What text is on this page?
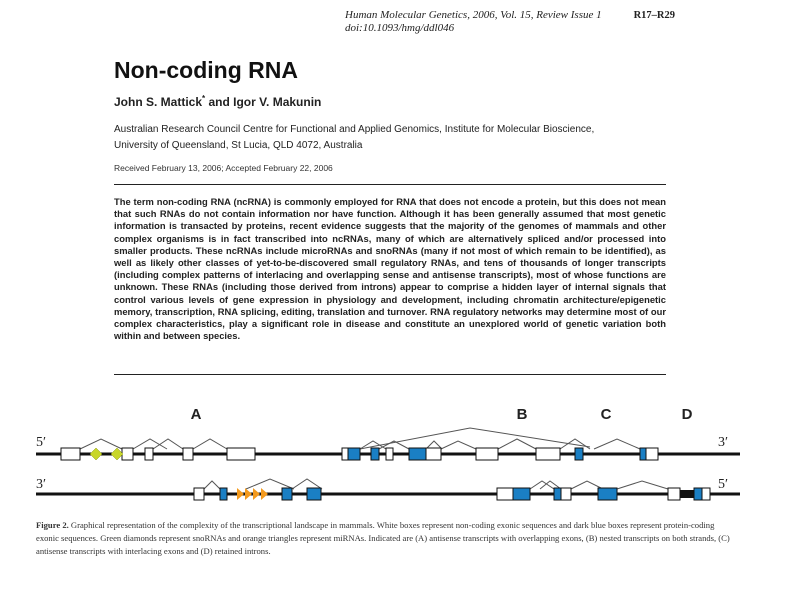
Human Molecular Genetics, 2006, Vol. 15, Review Issue 1	R17–R29
doi:10.1093/hmg/ddl046
Non-coding RNA
John S. Mattick* and Igor V. Makunin
Australian Research Council Centre for Functional and Applied Genomics, Institute for Molecular Bioscience,
University of Queensland, St Lucia, QLD 4072, Australia
Received February 13, 2006; Accepted February 22, 2006
The term non-coding RNA (ncRNA) is commonly employed for RNA that does not encode a protein, but this does not mean that such RNAs do not contain information nor have function. Although it has been generally assumed that most genetic information is transacted by proteins, recent evidence suggests that the majority of the genomes of mammals and other complex organisms is in fact transcribed into ncRNAs, many of which are alternatively spliced and/or processed into smaller products. These ncRNAs include microRNAs and snoRNAs (many if not most of which remain to be identified), as well as likely other classes of yet-to-be-discovered small regulatory RNAs, and tens of thousands of longer transcripts (including complex patterns of interlacing and overlapping sense and antisense transcripts), most of whose functions are unknown. These RNAs (including those derived from introns) appear to comprise a hidden layer of internal signals that control various levels of gene expression in physiology and development, including chromatin architecture/epigenetic memory, transcription, RNA splicing, editing, translation and turnover. RNA regulatory networks may determine most of our complex characteristics, play a significant role in disease and constitute an unexplored world of genetic variation both within and between species.
A	B	C	D
5′	3′
3′	5′
Figure 2. Graphical representation of the complexity of the transcriptional landscape in mammals. White boxes represent non-coding exonic sequences and dark blue boxes represent protein-coding exonic sequences. Green diamonds represent snoRNAs and orange triangles represent miRNAs. Indicated are (A) antisense transcripts with overlapping exons, (B) nested transcripts on both strands, (C) antisense transcripts with interlacing exons and (D) retained introns.
